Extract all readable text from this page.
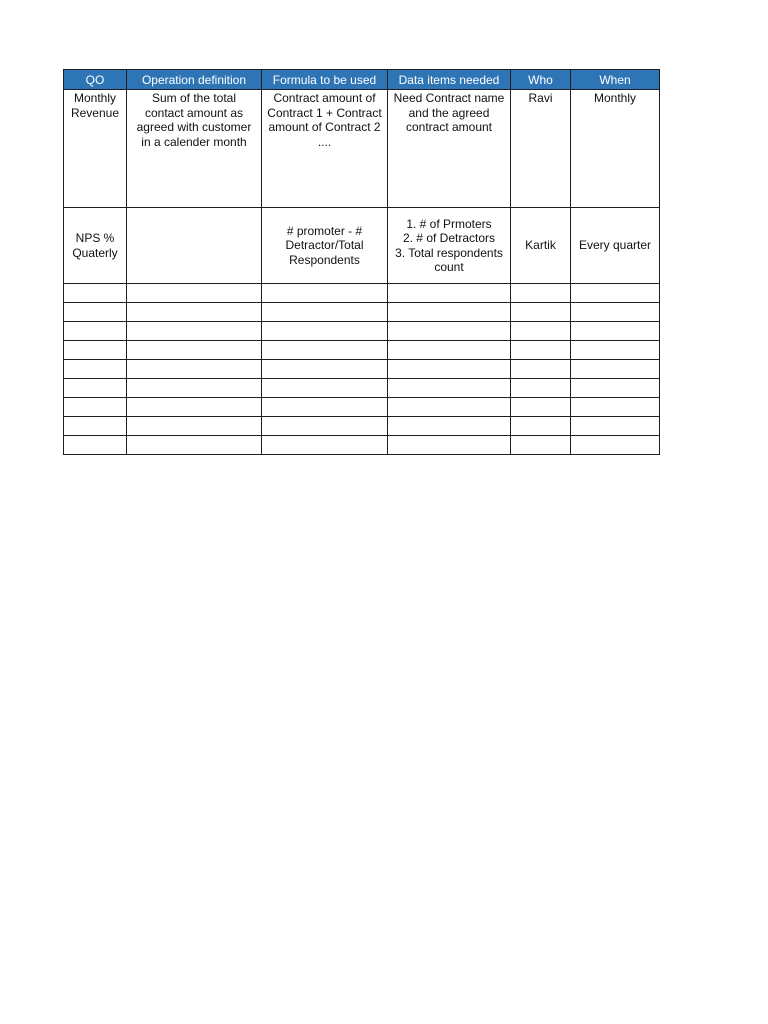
QO	Operation definition	Formula to be used	Data items needed	Who	When

Monthly
Revenue	Sum of the total
contact amount as
agreed with customer
in a calender month	Contract amount of
Contract 1 + Contract
amount of Contract 2
....	Need Contract name
and the agreed
contract amount	Ravi	Monthly

NPS %
Quaterly		# promoter - #
Detractor/Total
Respondents	1. # of Prmoters
2. # of Detractors
3. Total respondents
count	Kartik	Every quarter
